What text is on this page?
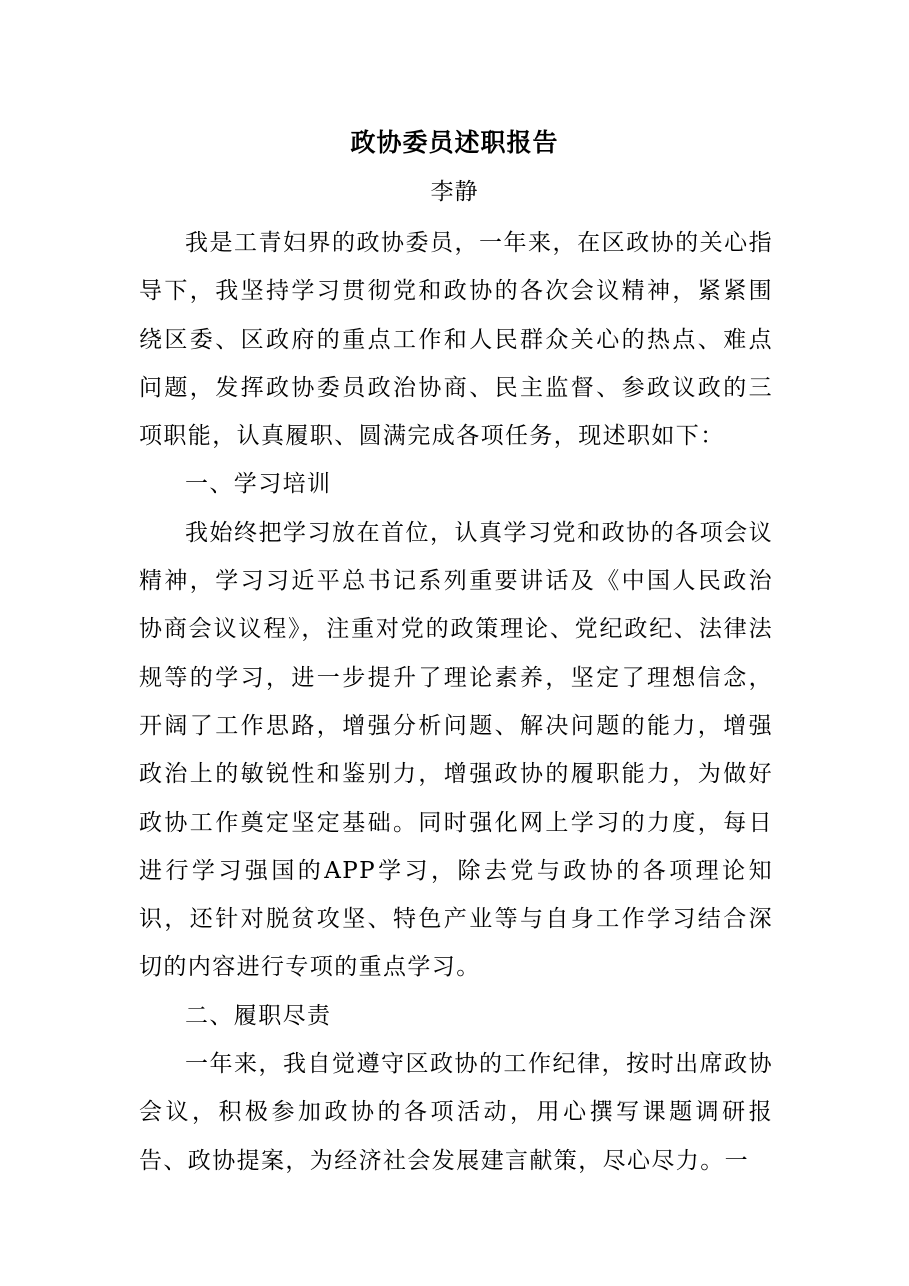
政协委员述职报告
李静

我是工青妇界的政协委员，一年来，在区政协的关心指导下，我坚持学习贯彻党和政协的各次会议精神，紧紧围绕区委、区政府的重点工作和人民群众关心的热点、难点问题，发挥政协委员政治协商、民主监督、参政议政的三项职能，认真履职、圆满完成各项任务，现述职如下：

一、学习培训

我始终把学习放在首位，认真学习党和政协的各项会议精神，学习习近平总书记系列重要讲话及《中国人民政治协商会议议程》，注重对党的政策理论、党纪政纪、法律法规等的学习，进一步提升了理论素养，坚定了理想信念，开阔了工作思路，增强分析问题、解决问题的能力，增强政治上的敏锐性和鉴别力，增强政协的履职能力，为做好政协工作奠定坚定基础。同时强化网上学习的力度，每日进行学习强国的APP学习，除去党与政协的各项理论知识，还针对脱贫攻坚、特色产业等与自身工作学习结合深切的内容进行专项的重点学习。

二、履职尽责

一年来，我自觉遵守区政协的工作纪律，按时出席政协会议，积极参加政协的各项活动，用心撰写课题调研报告、政协提案，为经济社会发展建言献策，尽心尽力。一
